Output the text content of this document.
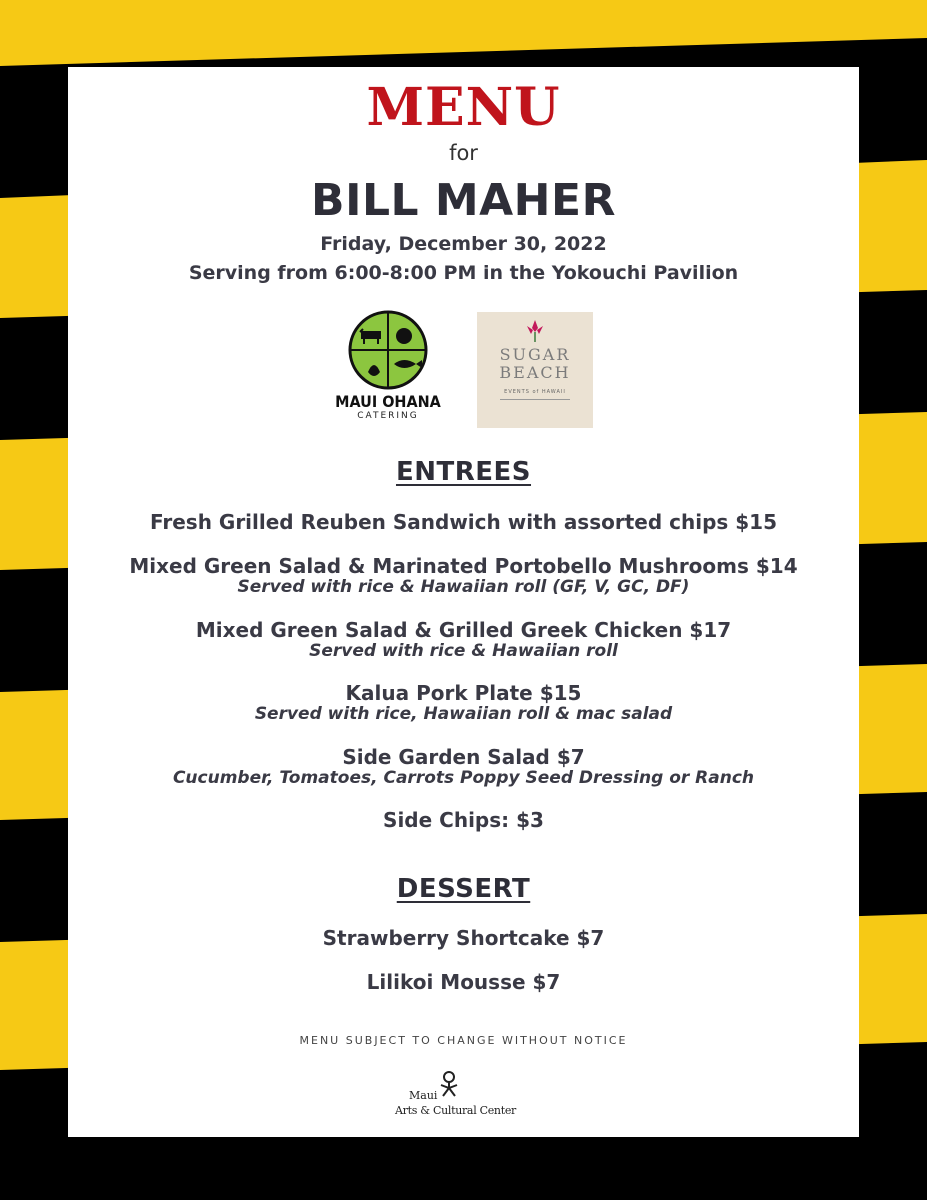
MENU
for
BILL MAHER
Friday, December 30, 2022
Serving from 6:00-8:00 PM in the Yokouchi Pavilion
MAUI OHANA
CATERING
SUGAR
BEACH
EVENTS of HAWAII
ENTREES
Fresh Grilled Reuben Sandwich with assorted chips $15
Mixed Green Salad & Marinated Portobello Mushrooms $14
Served with rice & Hawaiian roll (GF, V, GC, DF)
Mixed Green Salad & Grilled Greek Chicken $17
Served with rice & Hawaiian roll
Kalua Pork Plate $15
Served with rice, Hawaiian roll & mac salad
Side Garden Salad $7
Cucumber, Tomatoes, Carrots Poppy Seed Dressing or Ranch
Side Chips: $3
DESSERT
Strawberry Shortcake $7
Lilikoi Mousse $7
MENU SUBJECT TO CHANGE WITHOUT NOTICE
Maui
Arts & Cultural Center
